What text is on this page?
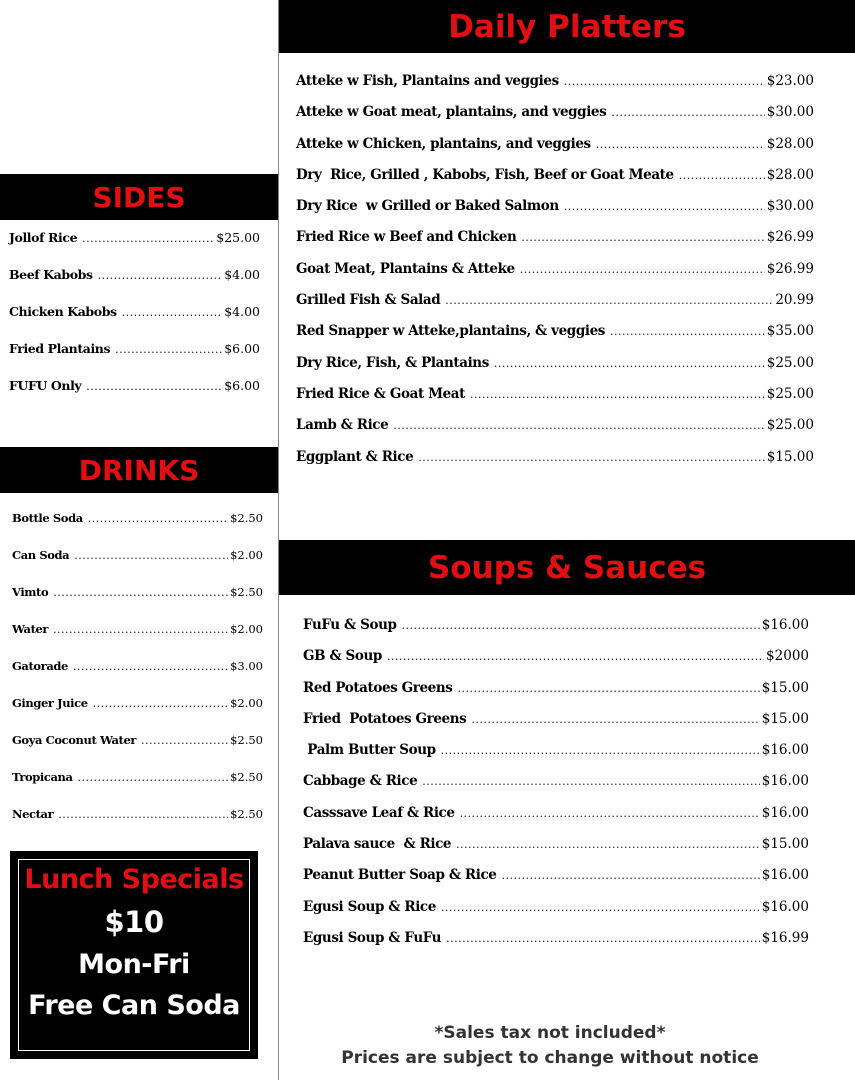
SIDES
Jollof Rice .....	$25.00
Beef Kabobs .....	$4.00
Chicken Kabobs .....	$4.00
Fried Plantains .....	$6.00
FUFU Only .....	$6.00
DRINKS
Bottle Soda .....	$2.50
Can Soda .....	$2.00
Vimto .....	$2.50
Water .....	$2.00
Gatorade .....	$3.00
Ginger Juice .....	$2.00
Goya Coconut Water .....	$2.50
Tropicana .....	$2.50
Nectar .....	$2.50
Lunch Specials
$10
Mon-Fri
Free Can Soda
Daily Platters
Atteke w Fish, Plantains and veggies .....	$23.00
Atteke w Goat meat, plantains, and veggies .....	$30.00
Atteke w Chicken, plantains, and veggies .....	$28.00
Dry  Rice, Grilled , Kabobs, Fish, Beef or Goat Meate .....	$28.00
Dry Rice  w Grilled or Baked Salmon .....	$30.00
Fried Rice w Beef and Chicken .....	$26.99
Goat Meat, Plantains & Atteke .....	$26.99
Grilled Fish & Salad .....	20.99
Red Snapper w Atteke,plantains, & veggies .....	$35.00
Dry Rice, Fish, & Plantains .....	$25.00
Fried Rice & Goat Meat .....	$25.00
Lamb & Rice .....	$25.00
Eggplant & Rice .....	$15.00
Soups & Sauces
FuFu & Soup .....	$16.00
GB & Soup .....	$2000
Red Potatoes Greens .....	$15.00
Fried  Potatoes Greens .....	$15.00
Palm Butter Soup .....	$16.00
Cabbage & Rice .....	$16.00
Casssave Leaf & Rice .....	$16.00
Palava sauce  & Rice .....	$15.00
Peanut Butter Soap & Rice .....	$16.00
Egusi Soup & Rice .....	$16.00
Egusi Soup & FuFu .....	$16.99
*Sales tax not included*
Prices are subject to change without notice
